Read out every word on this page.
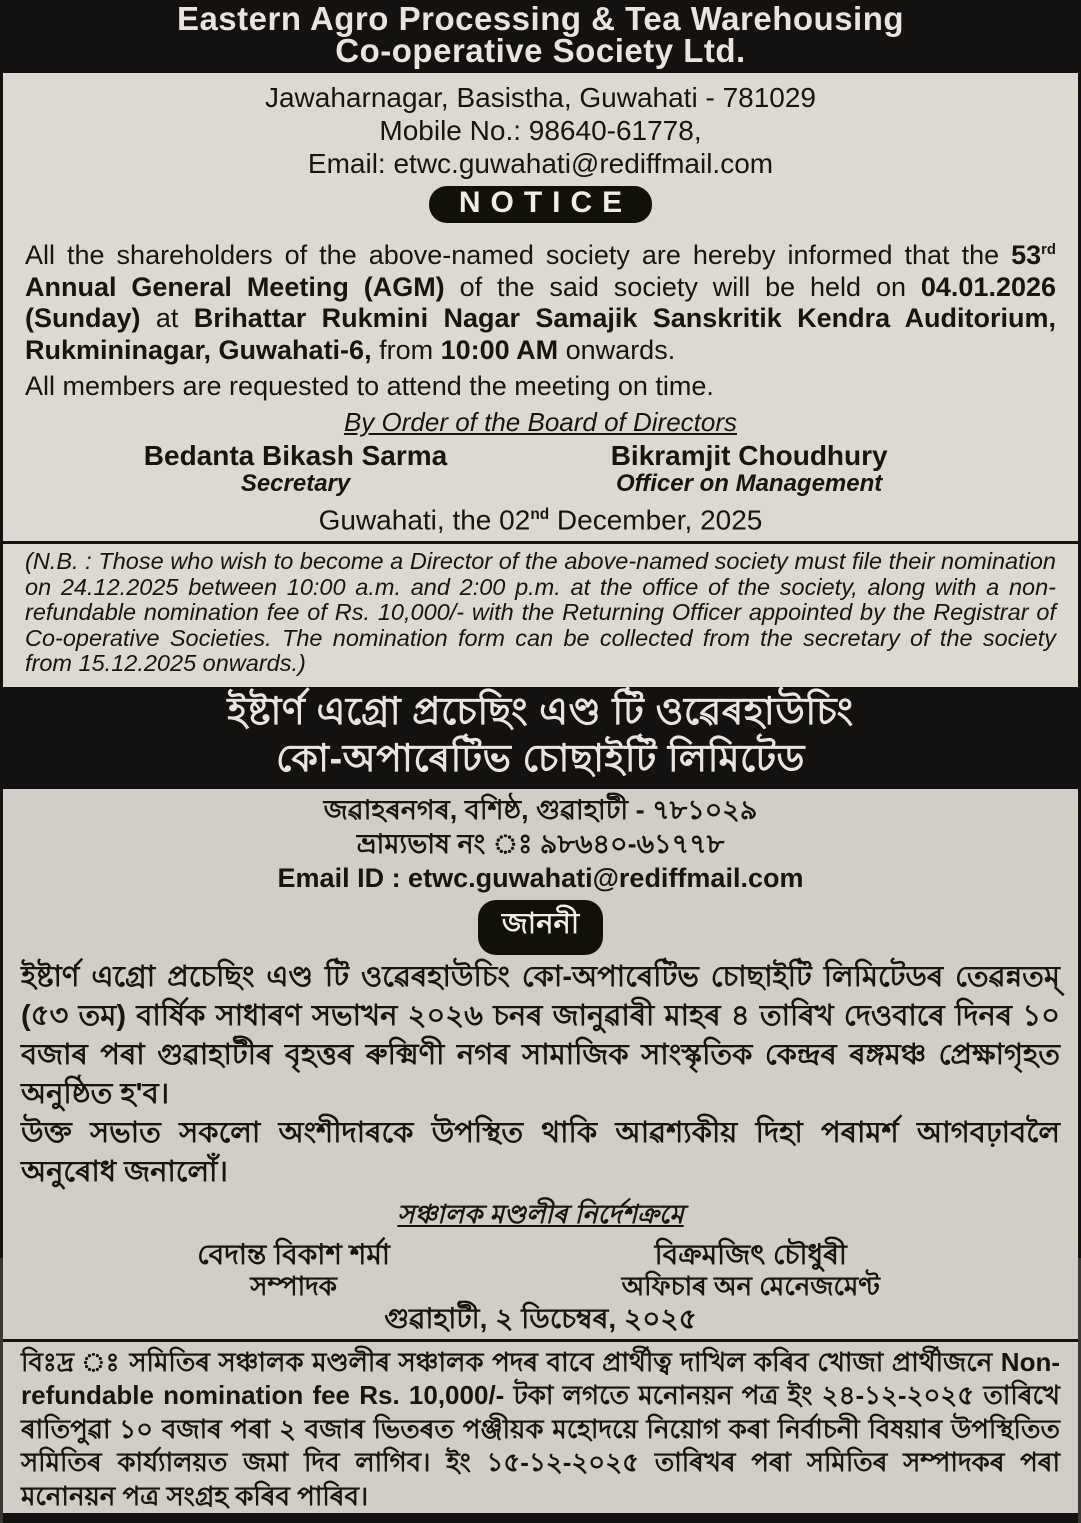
Eastern Agro Processing & Tea Warehousing
Co-operative Society Ltd.
Jawaharnagar, Basistha, Guwahati - 781029
Mobile No.: 98640-61778,
Email: etwc.guwahati@rediffmail.com
NOTICE

All the shareholders of the above-named society are hereby informed that the 53rd Annual General Meeting (AGM) of the said society will be held on 04.01.2026 (Sunday) at Brihattar Rukmini Nagar Samajik Sanskritik Kendra Auditorium, Rukmininagar, Guwahati-6, from 10:00 AM onwards.

All members are requested to attend the meeting on time.

By Order of the Board of Directors
Bedanta Bikash Sarma	Bikramjit Choudhury
Secretary	Officer on Management
Guwahati, the 02nd December, 2025

(N.B. : Those who wish to become a Director of the above-named society must file their nomination on 24.12.2025 between 10:00 a.m. and 2:00 p.m. at the office of the society, along with a non-refundable nomination fee of Rs. 10,000/- with the Returning Officer appointed by the Registrar of Co-operative Societies. The nomination form can be collected from the secretary of the society from 15.12.2025 onwards.)

ইষ্টাৰ্ণ এগ্ৰো প্ৰচেছিং এণ্ড টি ওৱেৰহাউচিং
কো-অপাৰেটিভ চোছাইটি লিমিটেড
জৱাহৰনগৰ, বশিষ্ঠ, গুৱাহাটী - ৭৮১০২৯
ভ্ৰাম্যভাষ নং ঃ ৯৮৬৪০-৬১৭৭৮
Email ID : etwc.guwahati@rediffmail.com
জাননী

ইষ্টাৰ্ণ এগ্ৰো প্ৰচেছিং এণ্ড টি ওৱেৰহাউচিং কো-অপাৰেটিভ চোছাইটি লিমিটেডৰ তেৱন্নতম্ (৫৩ তম) বাৰ্ষিক সাধাৰণ সভাখন ২০২৬ চনৰ জানুৱাৰী মাহৰ ৪ তাৰিখ দেওবাৰে দিনৰ ১০ বজাৰ পৰা গুৱাহাটীৰ বৃহত্তৰ ৰুক্মিণী নগৰ সামাজিক সাংস্কৃতিক কেন্দ্ৰৰ ৰঙ্গমঞ্চ প্ৰেক্ষাগৃহত অনুষ্ঠিত হ'ব।

উক্ত সভাত সকলো অংশীদাৰকে উপস্থিত থাকি আৱশ্যকীয় দিহা পৰামৰ্শ আগবঢ়াবলৈ অনুৰোধ জনালোঁ।

সঞ্চালক মণ্ডলীৰ নিৰ্দেশক্ৰমে
বেদান্ত বিকাশ শৰ্মা	বিক্ৰমজিৎ চৌধুৰী
সম্পাদক	অফিচাৰ অন মেনেজমেণ্ট
গুৱাহাটী, ২ ডিচেম্বৰ, ২০২৫

বিঃদ্ৰ ঃ সমিতিৰ সঞ্চালক মণ্ডলীৰ সঞ্চালক পদৰ বাবে প্ৰাৰ্থীত্ব দাখিল কৰিব খোজা প্ৰাৰ্থীজনে Non-refundable nomination fee Rs. 10,000/- টকা লগতে মনোনয়ন পত্ৰ ইং ২৪-১২-২০২৫ তাৰিখে ৰাতিপুৱা ১০ বজাৰ পৰা ২ বজাৰ ভিতৰত পঞ্জীয়ক মহোদয়ে নিয়োগ কৰা নিৰ্বাচনী বিষয়াৰ উপস্থিতিত সমিতিৰ কাৰ্য্যালয়ত জমা দিব লাগিব। ইং ১৫-১২-২০২৫ তাৰিখৰ পৰা সমিতিৰ সম্পাদকৰ পৰা মনোনয়ন পত্ৰ সংগ্ৰহ কৰিব পাৰিব।
